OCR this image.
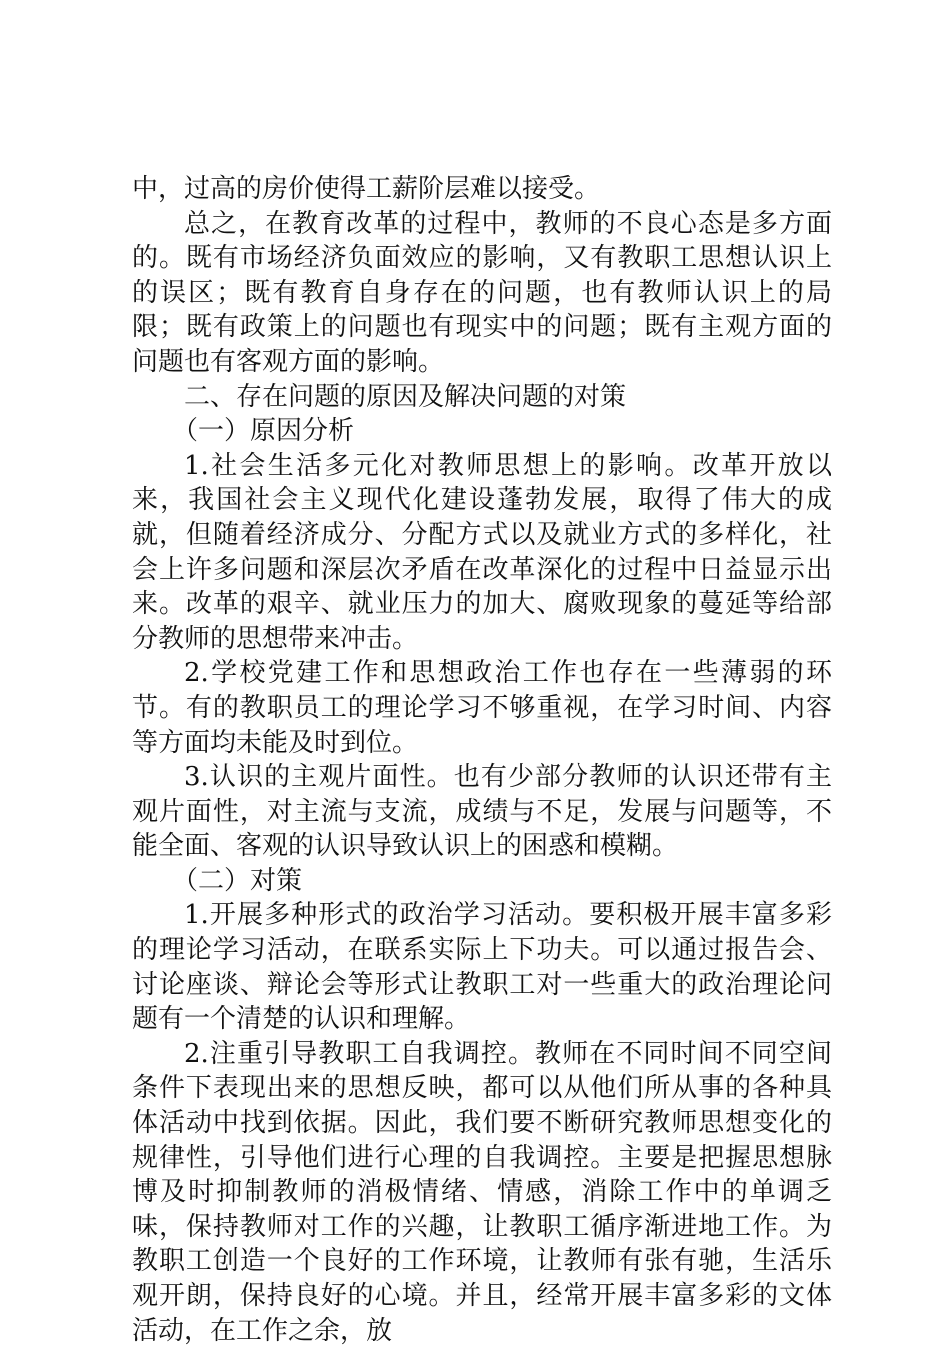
中，过高的房价使得工薪阶层难以接受。

总之，在教育改革的过程中，教师的不良心态是多方面的。既有市场经济负面效应的影响，又有教职工思想认识上的误区；既有教育自身存在的问题，也有教师认识上的局限；既有政策上的问题也有现实中的问题；既有主观方面的问题也有客观方面的影响。

二、存在问题的原因及解决问题的对策

（一）原因分析

1.社会生活多元化对教师思想上的影响。改革开放以来，我国社会主义现代化建设蓬勃发展，取得了伟大的成就，但随着经济成分、分配方式以及就业方式的多样化，社会上许多问题和深层次矛盾在改革深化的过程中日益显示出来。改革的艰辛、就业压力的加大、腐败现象的蔓延等给部分教师的思想带来冲击。

2.学校党建工作和思想政治工作也存在一些薄弱的环节。有的教职员工的理论学习不够重视，在学习时间、内容等方面均未能及时到位。

3.认识的主观片面性。也有少部分教师的认识还带有主观片面性，对主流与支流，成绩与不足，发展与问题等，不能全面、客观的认识导致认识上的困惑和模糊。

（二）对策

1.开展多种形式的政治学习活动。要积极开展丰富多彩的理论学习活动，在联系实际上下功夫。可以通过报告会、讨论座谈、辩论会等形式让教职工对一些重大的政治理论问题有一个清楚的认识和理解。

2.注重引导教职工自我调控。教师在不同时间不同空间条件下表现出来的思想反映，都可以从他们所从事的各种具体活动中找到依据。因此，我们要不断研究教师思想变化的规律性，引导他们进行心理的自我调控。主要是把握思想脉博及时抑制教师的消极情绪、情感，消除工作中的单调乏味，保持教师对工作的兴趣，让教职工循序渐进地工作。为教职工创造一个良好的工作环境，让教师有张有驰，生活乐观开朗，保持良好的心境。并且，经常开展丰富多彩的文体活动，在工作之余，放
